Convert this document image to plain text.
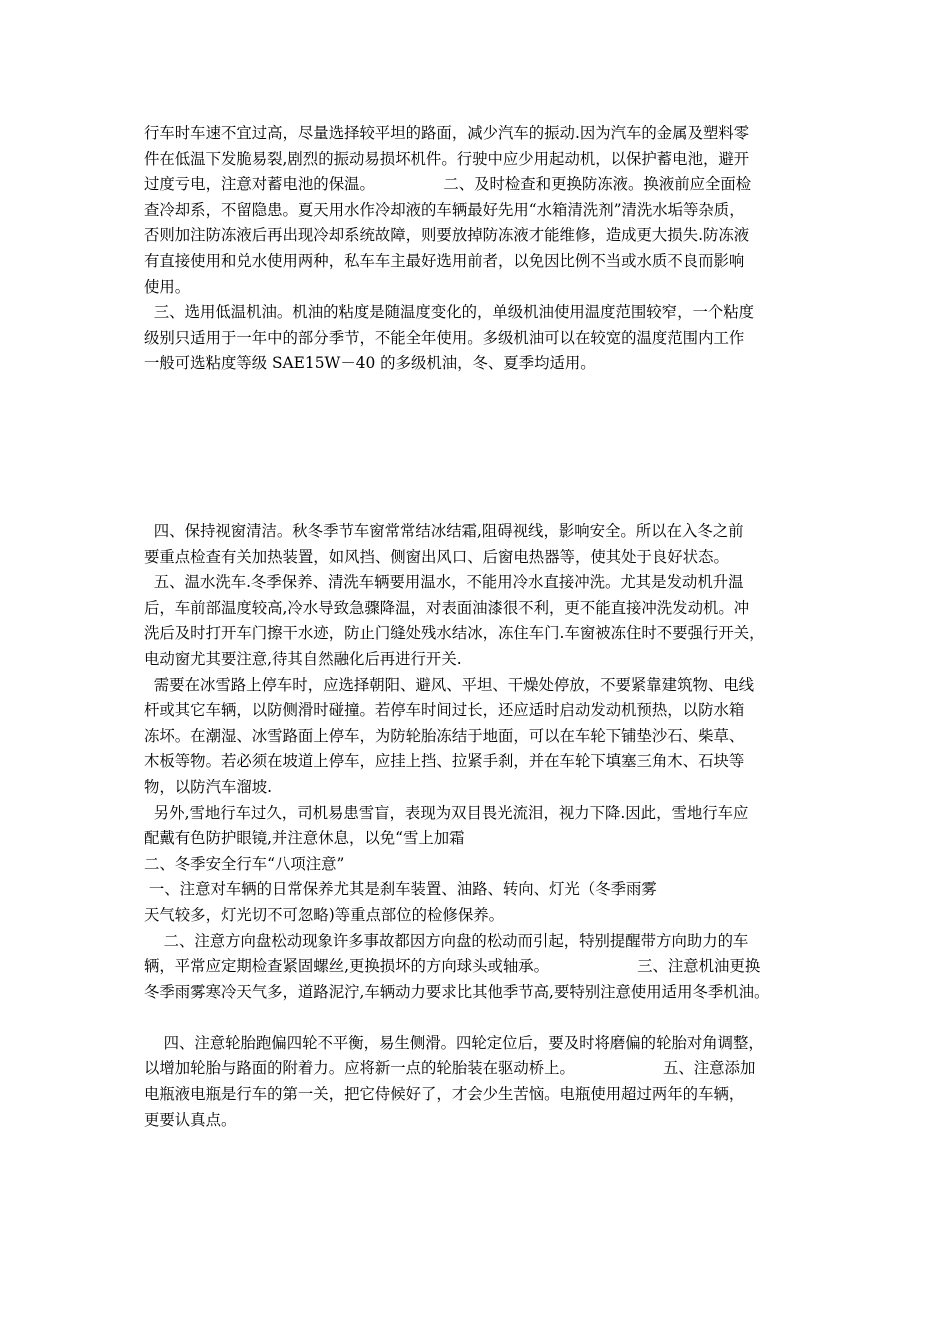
行车时车速不宜过高，尽量选择较平坦的路面，减少汽车的振动.因为汽车的金属及塑料零
件在低温下发脆易裂,剧烈的振动易损坏机件。行驶中应少用起动机，以保护蓄电池，避开
过度亏电，注意对蓄电池的保温。              二、及时检查和更换防冻液。换液前应全面检
查冷却系，不留隐患。夏天用水作冷却液的车辆最好先用“水箱清洗剂”清洗水垢等杂质，
否则加注防冻液后再出现冷却系统故障，则要放掉防冻液才能维修，造成更大损失.防冻液
有直接使用和兑水使用两种，私车车主最好选用前者，以免因比例不当或水质不良而影响
使用。
三、选用低温机油。机油的粘度是随温度变化的，单级机油使用温度范围较窄，一个粘度
级别只适用于一年中的部分季节，不能全年使用。多级机油可以在较宽的温度范围内工作
一般可选粘度等级 SAE15W－40 的多级机油，冬、夏季均适用。
四、保持视窗清洁。秋冬季节车窗常常结冰结霜,阻碍视线，影响安全。所以在入冬之前
要重点检查有关加热装置，如风挡、侧窗出风口、后窗电热器等，使其处于良好状态。
五、温水洗车.冬季保养、清洗车辆要用温水，不能用冷水直接冲洗。尤其是发动机升温
后，车前部温度较高,冷水导致急骤降温，对表面油漆很不利，更不能直接冲洗发动机。冲
洗后及时打开车门擦干水迹，防止门缝处残水结冰，冻住车门.车窗被冻住时不要强行开关，
电动窗尤其要注意,待其自然融化后再进行开关.
需要在冰雪路上停车时，应选择朝阳、避风、平坦、干燥处停放，不要紧靠建筑物、电线
杆或其它车辆，以防侧滑时碰撞。若停车时间过长，还应适时启动发动机预热，以防水箱
冻坏。在潮湿、冰雪路面上停车，为防轮胎冻结于地面，可以在车轮下铺垫沙石、柴草、
木板等物。若必须在坡道上停车，应挂上挡、拉紧手刹，并在车轮下填塞三角木、石块等
物，以防汽车溜坡.
另外,雪地行车过久，司机易患雪盲，表现为双目畏光流泪，视力下降.因此，雪地行车应
配戴有色防护眼镜,并注意休息，以免“雪上加霜
二、冬季安全行车“八项注意”
一、注意对车辆的日常保养尤其是刹车装置、油路、转向、灯光（冬季雨雾
天气较多，灯光切不可忽略)等重点部位的检修保养。
二、注意方向盘松动现象许多事故都因方向盘的松动而引起，特别提醒带方向助力的车
辆，平常应定期检查紧固螺丝,更换损坏的方向球头或轴承。                  三、注意机油更换
冬季雨雾寒冷天气多，道路泥泞,车辆动力要求比其他季节高,要特别注意使用适用冬季机油。
四、注意轮胎跑偏四轮不平衡，易生侧滑。四轮定位后，要及时将磨偏的轮胎对角调整，
以增加轮胎与路面的附着力。应将新一点的轮胎装在驱动桥上。                  五、注意添加
电瓶液电瓶是行车的第一关，把它侍候好了，才会少生苦恼。电瓶使用超过两年的车辆，
更要认真点。
